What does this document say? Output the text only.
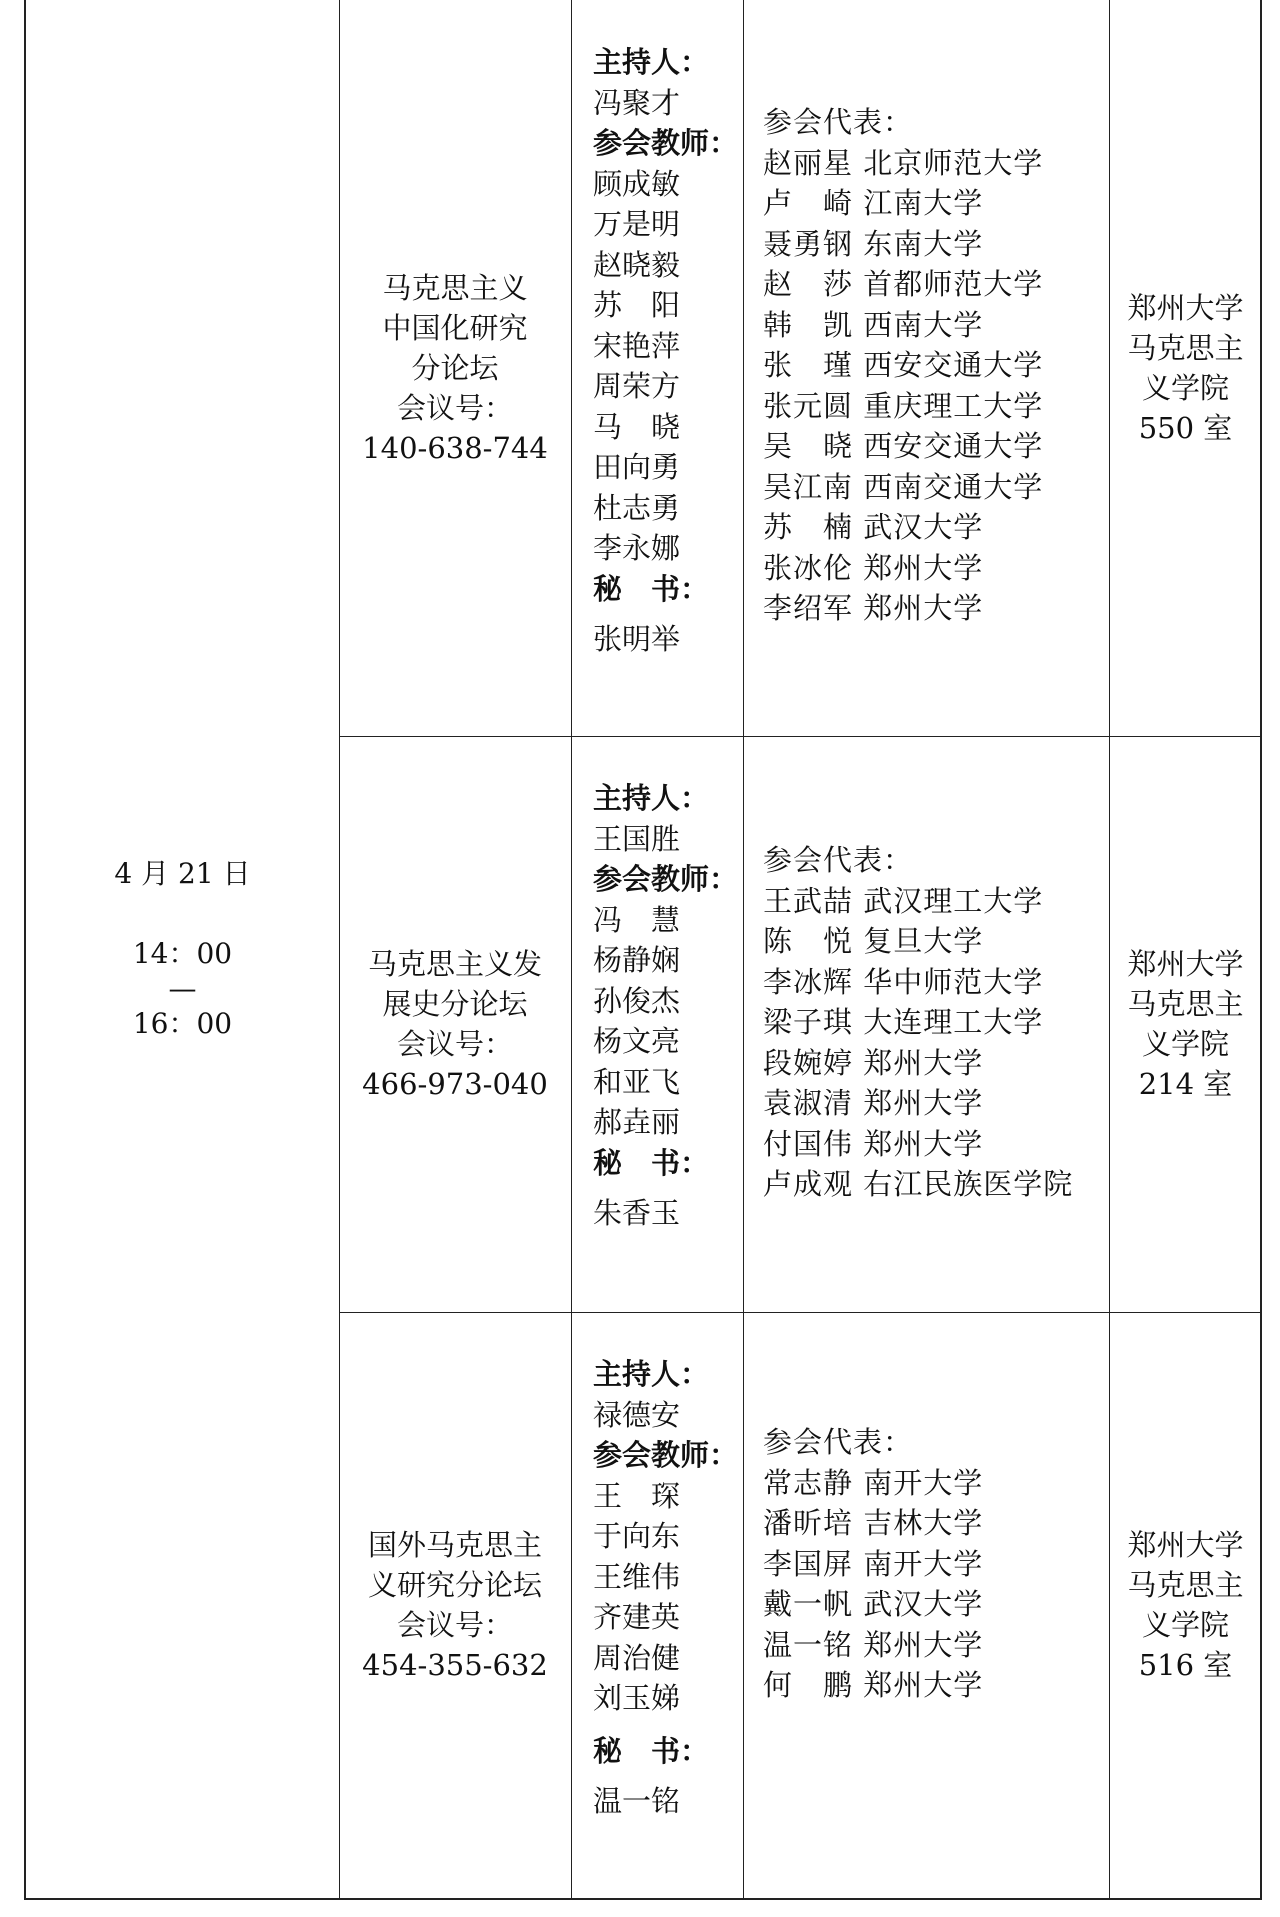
4 月 21 日
14：00
—
16：00
马克思主义
中国化研究
分论坛
会议号：
140-638-744
主持人：
冯聚才
参会教师：
顾成敏
万是明
赵晓毅
苏　阳
宋艳萍
周荣方
马　晓
田向勇
杜志勇
李永娜
秘　书：
张明举
参会代表：
赵丽星 北京师范大学
卢　崎 江南大学
聂勇钢 东南大学
赵　莎 首都师范大学
韩　凯 西南大学
张　瑾 西安交通大学
张元圆 重庆理工大学
吴　晓 西安交通大学
吴江南 西南交通大学
苏　楠 武汉大学
张冰伦 郑州大学
李绍军 郑州大学
郑州大学
马克思主
义学院
550 室
马克思主义发
展史分论坛
会议号：
466-973-040
主持人：
王国胜
参会教师：
冯　慧
杨静娴
孙俊杰
杨文亮
和亚飞
郝垚丽
秘　书：
朱香玉
参会代表：
王武喆 武汉理工大学
陈　悦 复旦大学
李冰辉 华中师范大学
梁子琪 大连理工大学
段婉婷 郑州大学
袁淑清 郑州大学
付国伟 郑州大学
卢成观 右江民族医学院
郑州大学
马克思主
义学院
214 室
国外马克思主
义研究分论坛
会议号：
454-355-632
主持人：
禄德安
参会教师：
王　琛
于向东
王维伟
齐建英
周治健
刘玉娣
秘　书：
温一铭
参会代表：
常志静 南开大学
潘昕培 吉林大学
李国屏 南开大学
戴一帆 武汉大学
温一铭 郑州大学
何　鹏 郑州大学
郑州大学
马克思主
义学院
516 室
